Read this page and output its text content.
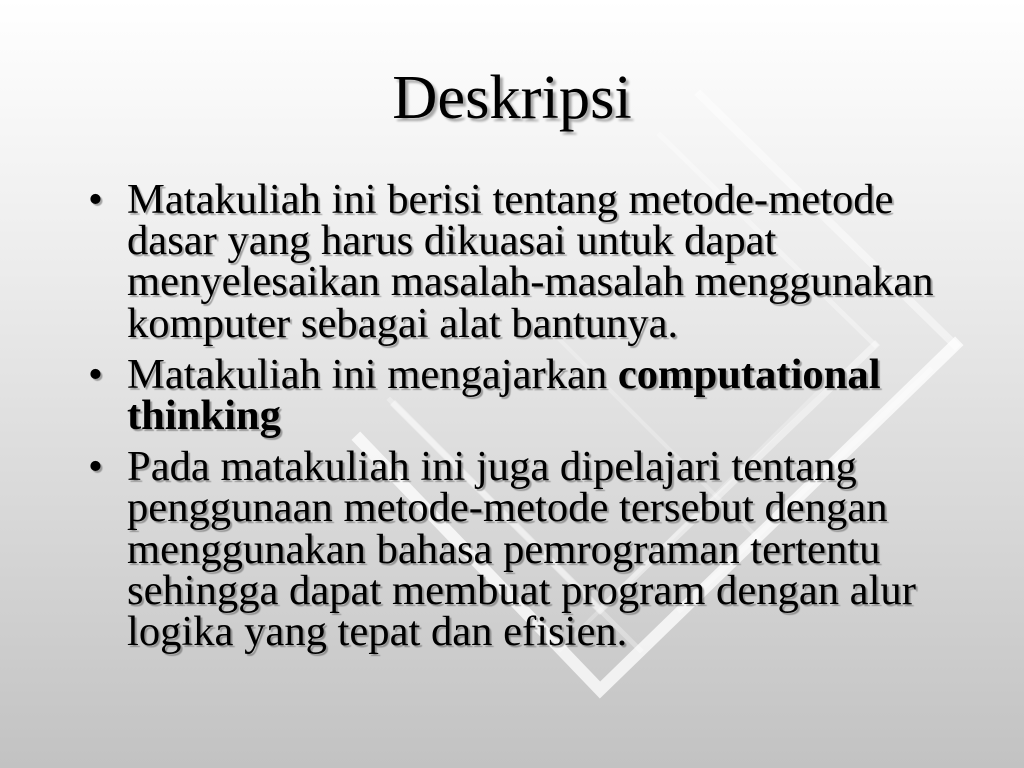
Deskripsi
• Matakuliah ini berisi tentang metode-metode dasar yang harus dikuasai untuk dapat menyelesaikan masalah-masalah menggunakan komputer sebagai alat bantunya.
• Matakuliah ini mengajarkan computational thinking
• Pada matakuliah ini juga dipelajari tentang penggunaan metode-metode tersebut dengan menggunakan bahasa pemrograman tertentu sehingga dapat membuat program dengan alur logika yang tepat dan efisien.
